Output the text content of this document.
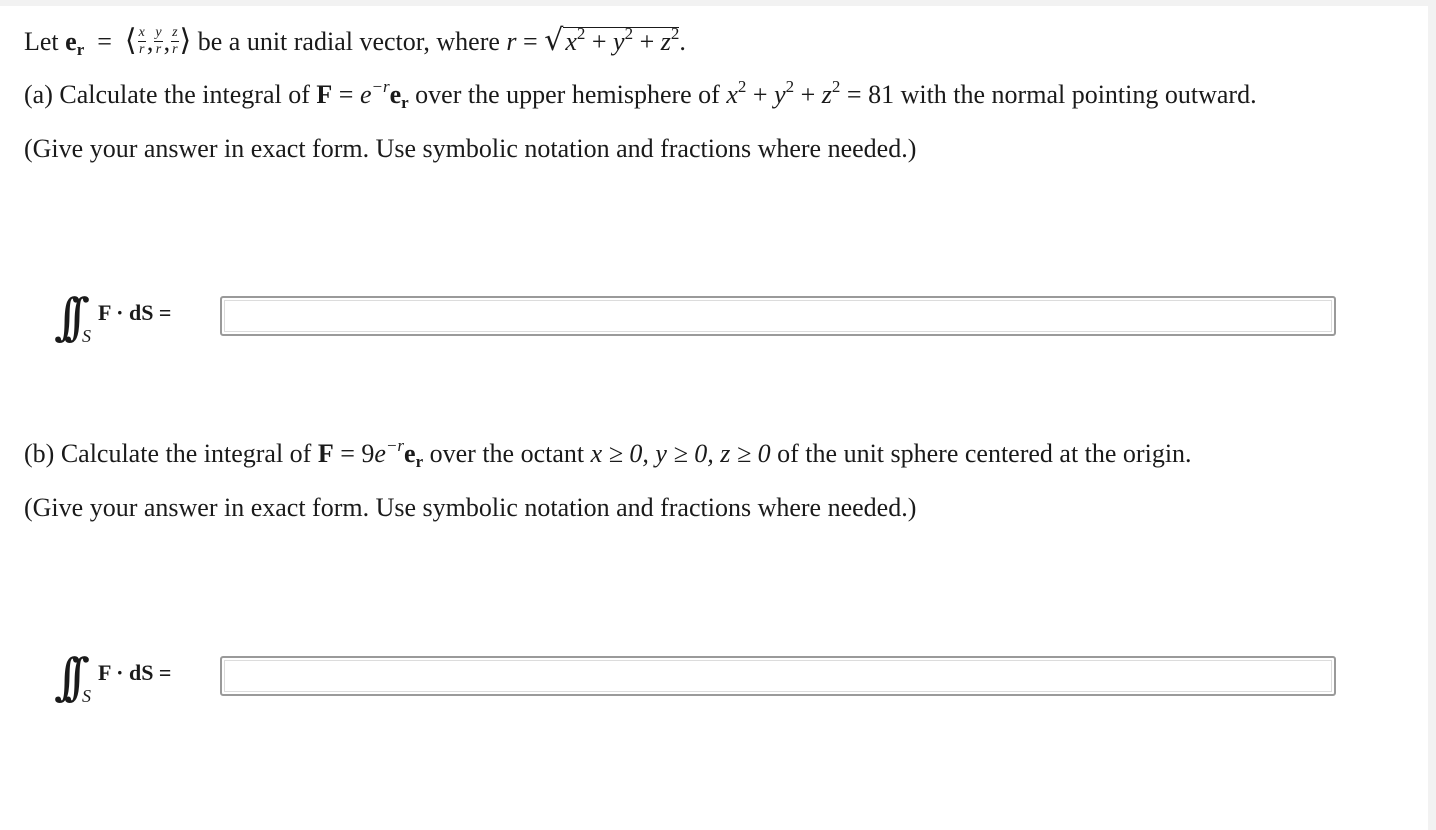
Let $e_r$ = ⟨ $\frac{x}{r}$ , $\frac{y}{r}$ , $\frac{z}{r}$ ⟩ be a unit radial vector, where $r = √x^2 + y^2 + z^2$.
(a) Calculate the integral of $F = e^{-r}e_r$ over the upper hemisphere of $x^2 + y^2 + z^2 = 81$ with the normal pointing outward.
(Give your answer in exact form. Use symbolic notation and fractions where needed.)
∫∫ S
F · dS =
(b) Calculate the integral of $F = 9e^{-r}e_r$ over the octant x ≥ 0, y ≥ 0, z ≥ 0 of the unit sphere centered at the origin.
(Give your answer in exact form. Use symbolic notation and fractions where needed.)
∫∫ S
F · dS =
